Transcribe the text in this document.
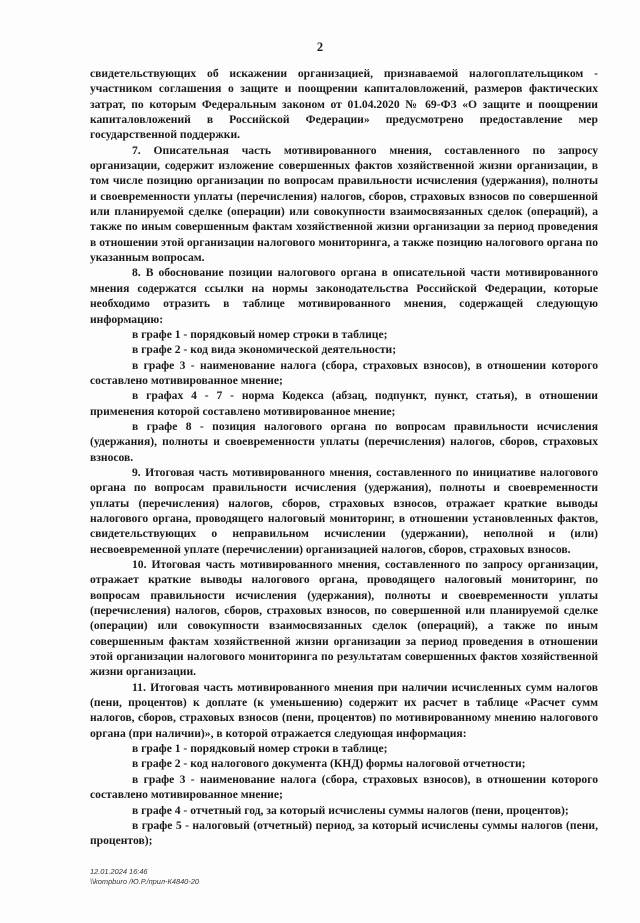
2

свидетельствующих об искажении организацией, признаваемой налогоплательщиком - участником соглашения о защите и поощрении капиталовложений, размеров фактических затрат, по которым Федеральным законом от 01.04.2020 № 69-ФЗ «О защите и поощрении капиталовложений в Российской Федерации» предусмотрено предоставление мер государственной поддержки.

7. Описательная часть мотивированного мнения, составленного по запросу организации, содержит изложение совершенных фактов хозяйственной жизни организации, в том числе позицию организации по вопросам правильности исчисления (удержания), полноты и своевременности уплаты (перечисления) налогов, сборов, страховых взносов по совершенной или планируемой сделке (операции) или совокупности взаимосвязанных сделок (операций), а также по иным совершенным фактам хозяйственной жизни организации за период проведения в отношении этой организации налогового мониторинга, а также позицию налогового органа по указанным вопросам.

8. В обоснование позиции налогового органа в описательной части мотивированного мнения содержатся ссылки на нормы законодательства Российской Федерации, которые необходимо отразить в таблице мотивированного мнения, содержащей следующую информацию:

в графе 1 - порядковый номер строки в таблице;

в графе 2 - код вида экономической деятельности;

в графе 3 - наименование налога (сбора, страховых взносов), в отношении которого составлено мотивированное мнение;

в графах 4 - 7 - норма Кодекса (абзац, подпункт, пункт, статья), в отношении применения которой составлено мотивированное мнение;

в графе 8 - позиция налогового органа по вопросам правильности исчисления (удержания), полноты и своевременности уплаты (перечисления) налогов, сборов, страховых взносов.

9. Итоговая часть мотивированного мнения, составленного по инициативе налогового органа по вопросам правильности исчисления (удержания), полноты и своевременности уплаты (перечисления) налогов, сборов, страховых взносов, отражает краткие выводы налогового органа, проводящего налоговый мониторинг, в отношении установленных фактов, свидетельствующих о неправильном исчислении (удержании), неполной и (или) несвоевременной уплате (перечислении) организацией налогов, сборов, страховых взносов.

10. Итоговая часть мотивированного мнения, составленного по запросу организации, отражает краткие выводы налогового органа, проводящего налоговый мониторинг, по вопросам правильности исчисления (удержания), полноты и своевременности уплаты (перечисления) налогов, сборов, страховых взносов, по совершенной или планируемой сделке (операции) или совокупности взаимосвязанных сделок (операций), а также по иным совершенным фактам хозяйственной жизни организации за период проведения в отношении этой организации налогового мониторинга по результатам совершенных фактов хозяйственной жизни организации.

11. Итоговая часть мотивированного мнения при наличии исчисленных сумм налогов (пени, процентов) к доплате (к уменьшению) содержит их расчет в таблице «Расчет сумм налогов, сборов, страховых взносов (пени, процентов) по мотивированному мнению налогового органа (при наличии)», в которой отражается следующая информация:

в графе 1 - порядковый номер строки в таблице;

в графе 2 - код налогового документа (КНД) формы налоговой отчетности;

в графе 3 - наименование налога (сбора, страховых взносов), в отношении которого составлено мотивированное мнение;

в графе 4 - отчетный год, за который исчислены суммы налогов (пени, процентов);

в графе 5 - налоговый (отчетный) период, за который исчислены суммы налогов (пени, процентов);

12.01.2024 16:46
\\kompburo /Ю.Р./прил-К4840-20
